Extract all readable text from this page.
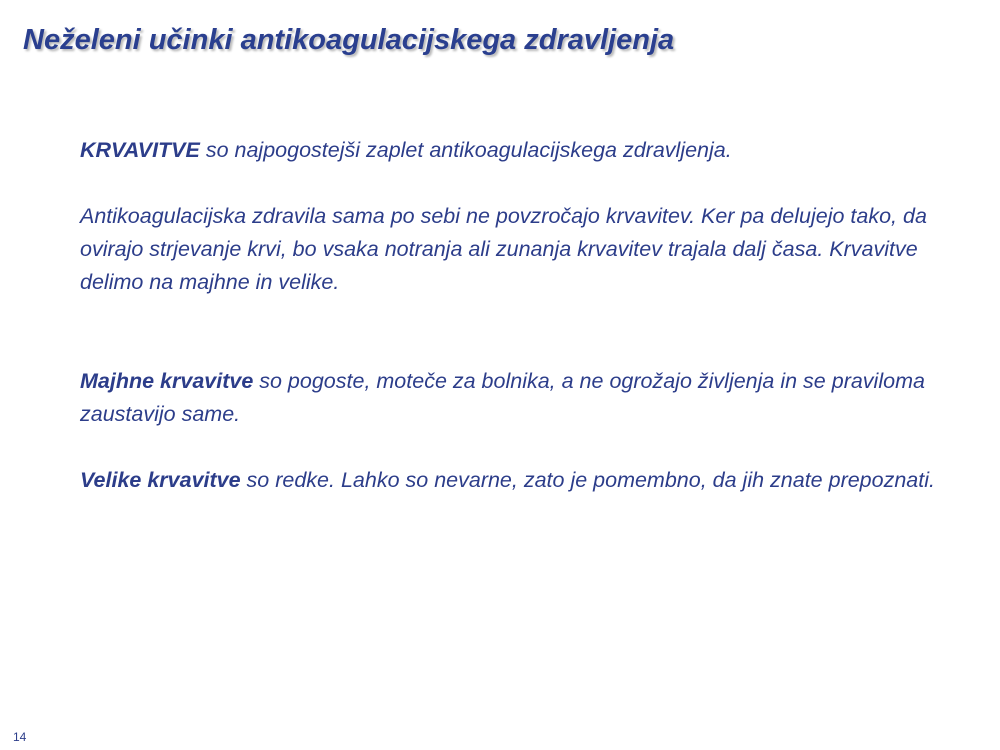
Neželeni učinki antikoagulacijskega zdravljenja

KRVAVITVE so najpogostejši zaplet antikoagulacijskega zdravljenja.

Antikoagulacijska zdravila sama po sebi ne povzročajo krvavitev. Ker pa delujejo tako, da ovirajo strjevanje krvi, bo vsaka notranja ali zunanja krvavitev trajala dalj časa. Krvavitve delimo na majhne in velike.

Majhne krvavitve so pogoste, moteče za bolnika, a ne ogrožajo življenja in se praviloma zaustavijo same.

Velike krvavitve so redke. Lahko so nevarne, zato je pomembno, da jih znate prepoznati.

14
